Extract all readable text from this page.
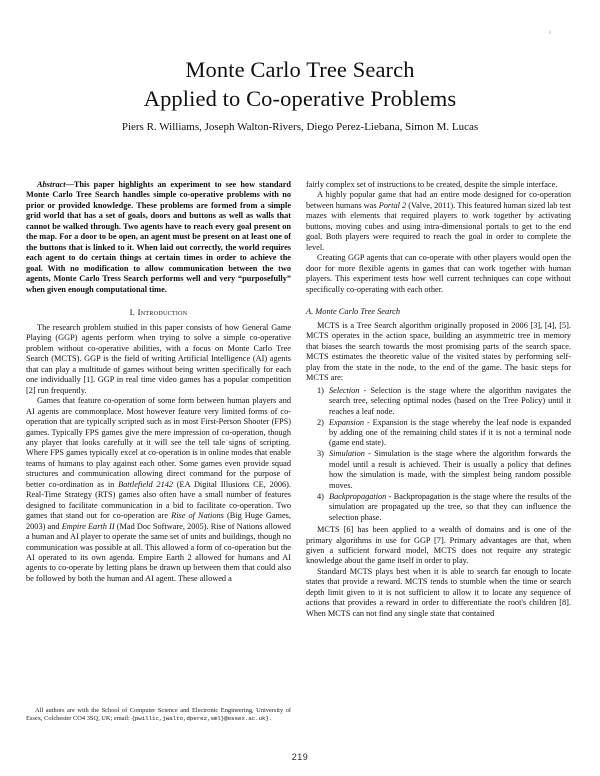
ı
Monte Carlo Tree Search
Applied to Co-operative Problems
Piers R. Williams, Joseph Walton-Rivers, Diego Perez-Liebana, Simon M. Lucas

Abstract—This paper highlights an experiment to see how standard Monte Carlo Tree Search handles simple co-operative problems with no prior or provided knowledge. These problems are formed from a simple grid world that has a set of goals, doors and buttons as well as walls that cannot be walked through. Two agents have to reach every goal present on the map. For a door to be open, an agent must be present on at least one of the buttons that is linked to it. When laid out correctly, the world requires each agent to do certain things at certain times in order to achieve the goal. With no modification to allow communication between the two agents, Monte Carlo Tress Search performs well and very “purposefully” when given enough computational time.

I. Introduction

The research problem studied in this paper consists of how General Game Playing (GGP) agents perform when trying to solve a simple co-operative problem without co-operative abilities, with a focus on Monte Carlo Tree Search (MCTS). GGP is the field of writing Artificial Intelligence (AI) agents that can play a multitude of games without being written specifically for each one individually [1]. GGP in real time video games has a popular competition [2] run frequently.

Games that feature co-operation of some form between human players and AI agents are commonplace. Most however feature very limited forms of co-operation that are typically scripted such as in most First-Person Shooter (FPS) games. Typically FPS games give the mere impression of co-operation, though any player that looks carefully at it will see the tell tale signs of scripting. Where FPS games typically excel at co-operation is in online modes that enable teams of humans to play against each other. Some games even provide squad structures and communication allowing direct command for the purpose of better co-ordination as in Battlefield 2142 (EA Digital Illusions CE, 2006). Real-Time Strategy (RTS) games also often have a small number of features designed to facilitate communication in a bid to facilitate co-operation. Two games that stand out for co-operation are Rise of Nations (Big Huge Games, 2003) and Empire Earth II (Mad Doc Software, 2005). Rise of Nations allowed a human and AI player to operate the same set of units and buildings, though no communication was possible at all. This allowed a form of co-operation but the AI operated to its own agenda. Empire Earth 2 allowed for humans and AI agents to co-operate by letting plans be drawn up between them that could also be followed by both the human and AI agent. These allowed a

fairly complex set of instructions to be created, despite the simple interface.

A highly popular game that had an entire mode designed for co-operation between humans was Portal 2 (Valve, 2011). This featured human sized lab test mazes with elements that required players to work together by activating buttons, moving cubes and using intra-dimensional portals to get to the end goal. Both players were required to reach the goal in order to complete the level.

Creating GGP agents that can co-operate with other players would open the door for more flexible agents in games that can work together with human players. This experiment tests how well current techniques can cope without specifically co-operating with each other.

A. Monte Carlo Tree Search

MCTS is a Tree Search algorithm originally proposed in 2006 [3], [4], [5]. MCTS operates in the action space, building an asymmetric tree in memory that biases the search towards the most promising parts of the search space. MCTS estimates the theoretic value of the visited states by performing self-play from the state in the node, to the end of the game. The basic steps for MCTS are:

1. Selection - Selection is the stage where the algorithm navigates the search tree, selecting optimal nodes (based on the Tree Policy) until it reaches a leaf node.
2. Expansion - Expansion is the stage whereby the leaf node is expanded by adding one of the remaining child states if it is not a terminal node (game end state).
3. Simulation - Simulation is the stage where the algorithm forwards the model until a result is achieved. Their is usually a policy that defines how the simulation is made, with the simplest being random possible moves.
4. Backpropagation - Backpropagation is the stage where the results of the simulation are propagated up the tree, so that they can influence the selection phase.

MCTS [6] has been applied to a wealth of domains and is one of the primary algorithms in use for GGP [7]. Primary advantages are that, when given a sufficient forward model, MCTS does not require any strategic knowledge about the game itself in order to play.

Standard MCTS plays best when it is able to search far enough to locate states that provide a reward. MCTS tends to stumble when the time or search depth limit given to it is not sufficient to allow it to locate any sequence of actions that provides a reward in order to differentiate the root's children [8]. When MCTS can not find any single state that contained

All authors are with the School of Computer Science and Electronic Engineering, University of Essex, Colchester CO4 3SQ, UK; email: {pwillic,jwalto,dperez,sml}@essex.ac.uk}.

219
